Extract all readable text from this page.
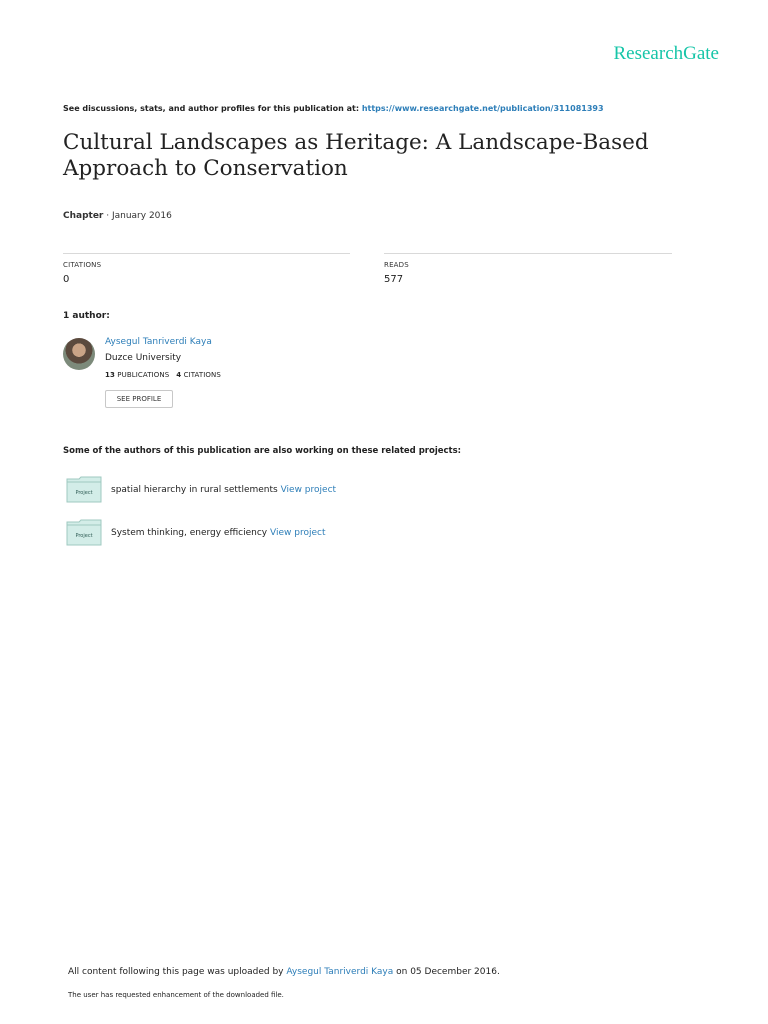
ResearchGate
See discussions, stats, and author profiles for this publication at: https://www.researchgate.net/publication/311081393
Cultural Landscapes as Heritage: A Landscape-Based Approach to Conservation
Chapter · January 2016
CITATIONS
0
READS
577
1 author:
Aysegul Tanriverdi Kaya
Duzce University
13 PUBLICATIONS 4 CITATIONS
SEE PROFILE
Some of the authors of this publication are also working on these related projects:
Project spatial hierarchy in rural settlements View project
Project System thinking, energy efficiency View project
All content following this page was uploaded by Aysegul Tanriverdi Kaya on 05 December 2016.
The user has requested enhancement of the downloaded file.
